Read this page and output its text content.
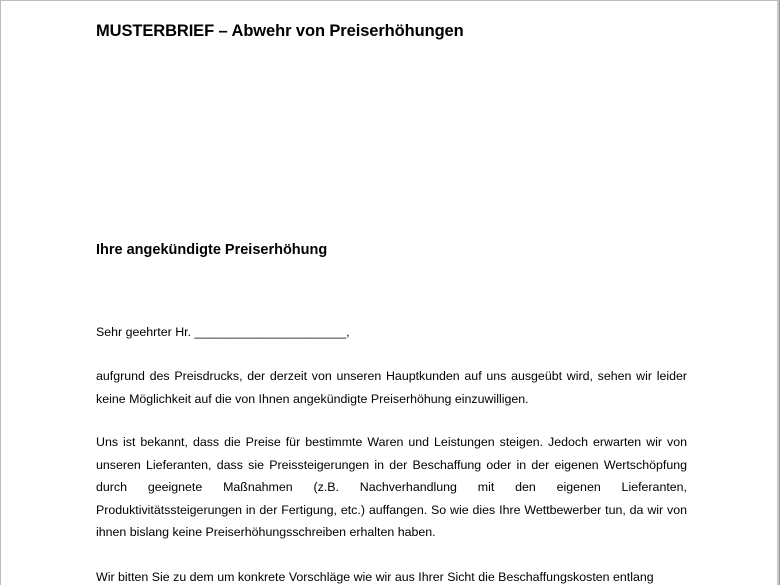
MUSTERBRIEF – Abwehr von Preiserhöhungen
Ihre angekündigte Preiserhöhung
Sehr geehrter Hr. ______________________,
aufgrund des Preisdrucks, der derzeit von unseren Hauptkunden auf uns ausgeübt wird, sehen wir leider keine Möglichkeit auf die von Ihnen angekündigte Preiserhöhung einzuwilligen.
Uns ist bekannt, dass die Preise für bestimmte Waren und Leistungen steigen. Jedoch erwarten wir von unseren Lieferanten, dass sie Preissteigerungen in der Beschaffung oder in der eigenen Wertschöpfung durch geeignete Maßnahmen (z.B. Nachverhandlung mit den eigenen Lieferanten, Produktivitätssteigerungen in der Fertigung, etc.) auffangen. So wie dies Ihre Wettbewerber tun, da wir von ihnen bislang keine Preiserhöhungsschreiben erhalten haben.
Wir bitten Sie zu dem um konkrete Vorschläge wie wir aus Ihrer Sicht die Beschaffungskosten entlang
